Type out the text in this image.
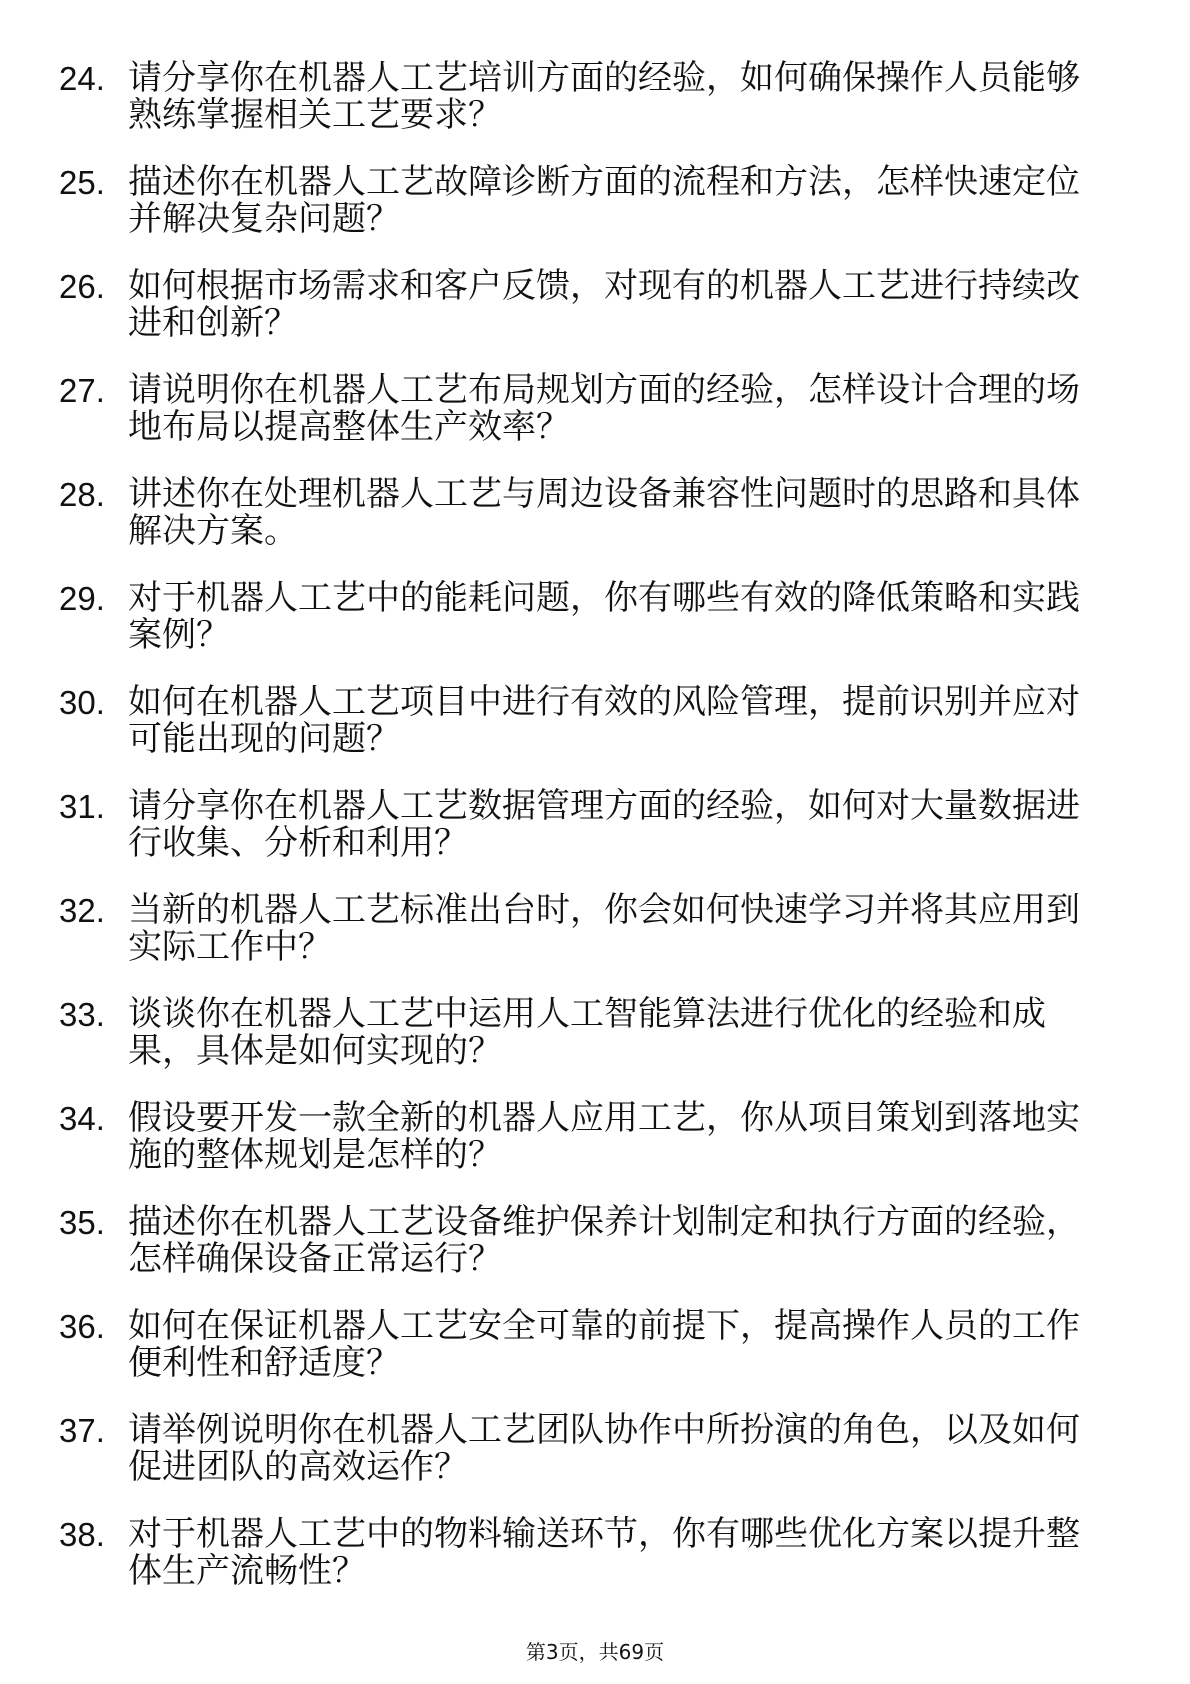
24. 请分享你在机器人工艺培训方面的经验，如何确保操作人员能够
熟练掌握相关工艺要求？
25. 描述你在机器人工艺故障诊断方面的流程和方法，怎样快速定位
并解决复杂问题？
26. 如何根据市场需求和客户反馈，对现有的机器人工艺进行持续改
进和创新？
27. 请说明你在机器人工艺布局规划方面的经验，怎样设计合理的场
地布局以提高整体生产效率？
28. 讲述你在处理机器人工艺与周边设备兼容性问题时的思路和具体
解决方案。
29. 对于机器人工艺中的能耗问题，你有哪些有效的降低策略和实践
案例？
30. 如何在机器人工艺项目中进行有效的风险管理，提前识别并应对
可能出现的问题？
31. 请分享你在机器人工艺数据管理方面的经验，如何对大量数据进
行收集、分析和利用？
32. 当新的机器人工艺标准出台时，你会如何快速学习并将其应用到
实际工作中？
33. 谈谈你在机器人工艺中运用人工智能算法进行优化的经验和成
果，具体是如何实现的？
34. 假设要开发一款全新的机器人应用工艺，你从项目策划到落地实
施的整体规划是怎样的？
35. 描述你在机器人工艺设备维护保养计划制定和执行方面的经验，
怎样确保设备正常运行？
36. 如何在保证机器人工艺安全可靠的前提下，提高操作人员的工作
便利性和舒适度？
37. 请举例说明你在机器人工艺团队协作中所扮演的角色，以及如何
促进团队的高效运作？
38. 对于机器人工艺中的物料输送环节，你有哪些优化方案以提升整
体生产流畅性？
第3页，共69页
